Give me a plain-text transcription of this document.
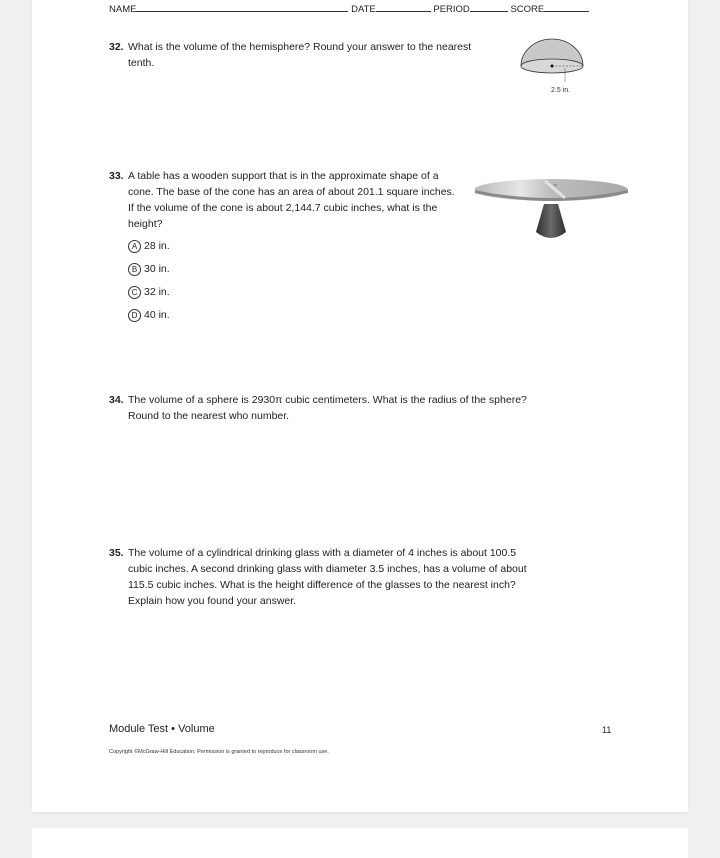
NAME	DATE	PERIOD	SCORE
32. What is the volume of the hemisphere? Round your answer to the nearest
tenth.
2.5 in.
33. A table has a wooden support that is in the approximate shape of a
cone. The base of the cone has an area of about 201.1 square inches.
If the volume of the cone is about 2,144.7 cubic inches, what is the
height?
A 28 in.
B 30 in.
C 32 in.
D 40 in.
34. The volume of a sphere is 2930π cubic centimeters. What is the radius of the sphere?
Round to the nearest who number.
35. The volume of a cylindrical drinking glass with a diameter of 4 inches is about 100.5
cubic inches. A second drinking glass with diameter 3.5 inches, has a volume of about
115.5 cubic inches. What is the height difference of the glasses to the nearest inch?
Explain how you found your answer.
Module Test • Volume	11
Copyright ©McGraw-Hill Education. Permission is granted to reproduce for classroom use.
